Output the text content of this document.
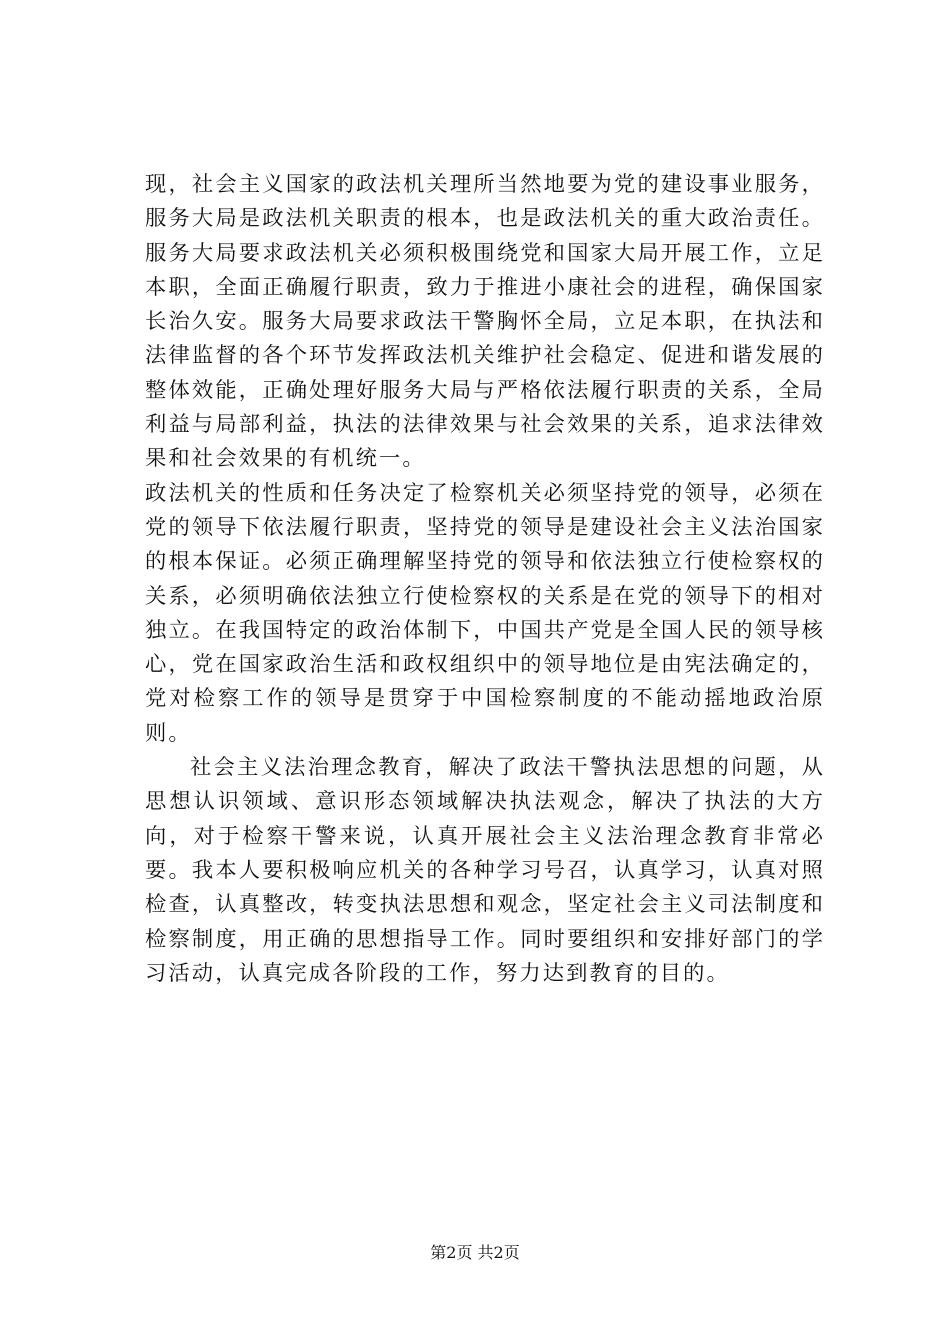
现，社会主义国家的政法机关理所当然地要为党的建设事业服务，服务大局是政法机关职责的根本，也是政法机关的重大政治责任。服务大局要求政法机关必须积极围绕党和国家大局开展工作，立足本职，全面正确履行职责，致力于推进小康社会的进程，确保国家长治久安。服务大局要求政法干警胸怀全局，立足本职，在执法和法律监督的各个环节发挥政法机关维护社会稳定、促进和谐发展的整体效能，正确处理好服务大局与严格依法履行职责的关系，全局利益与局部利益，执法的法律效果与社会效果的关系，追求法律效果和社会效果的有机统一。

政法机关的性质和任务决定了检察机关必须坚持党的领导，必须在党的领导下依法履行职责，坚持党的领导是建设社会主义法治国家的根本保证。必须正确理解坚持党的领导和依法独立行使检察权的关系，必须明确依法独立行使检察权的关系是在党的领导下的相对独立。在我国特定的政治体制下，中国共产党是全国人民的领导核心，党在国家政治生活和政权组织中的领导地位是由宪法确定的，党对检察工作的领导是贯穿于中国检察制度的不能动摇地政治原则。

社会主义法治理念教育，解决了政法干警执法思想的问题，从思想认识领域、意识形态领域解决执法观念，解决了执法的大方向，对于检察干警来说，认真开展社会主义法治理念教育非常必要。我本人要积极响应机关的各种学习号召，认真学习，认真对照检查，认真整改，转变执法思想和观念，坚定社会主义司法制度和检察制度，用正确的思想指导工作。同时要组织和安排好部门的学习活动，认真完成各阶段的工作，努力达到教育的目的。

第2页 共2页
